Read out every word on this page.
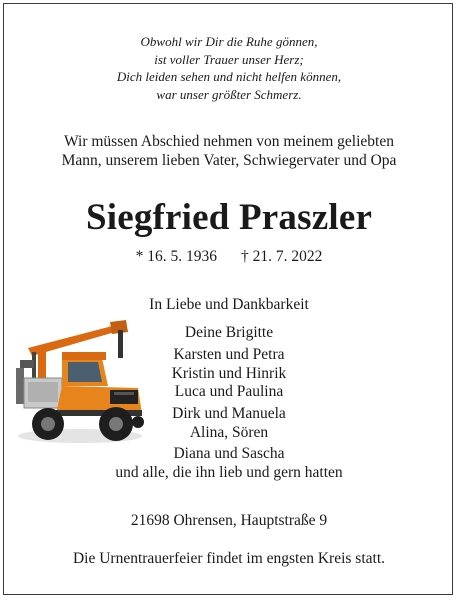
Obwohl wir Dir die Ruhe gönnen,
ist voller Trauer unser Herz;
Dich leiden sehen und nicht helfen können,
war unser größter Schmerz.
Wir müssen Abschied nehmen von meinem geliebten
Mann, unserem lieben Vater, Schwiegervater und Opa
Siegfried Praszler
* 16. 5. 1936 † 21. 7. 2022
In Liebe und Dankbarkeit
Deine Brigitte
Karsten und Petra
Kristin und Hinrik
Luca und Paulina
Dirk und Manuela
Alina, Sören
Diana und Sascha
und alle, die ihn lieb und gern hatten
21698 Ohrensen, Hauptstraße 9
Die Urnentrauerfeier findet im engsten Kreis statt.
